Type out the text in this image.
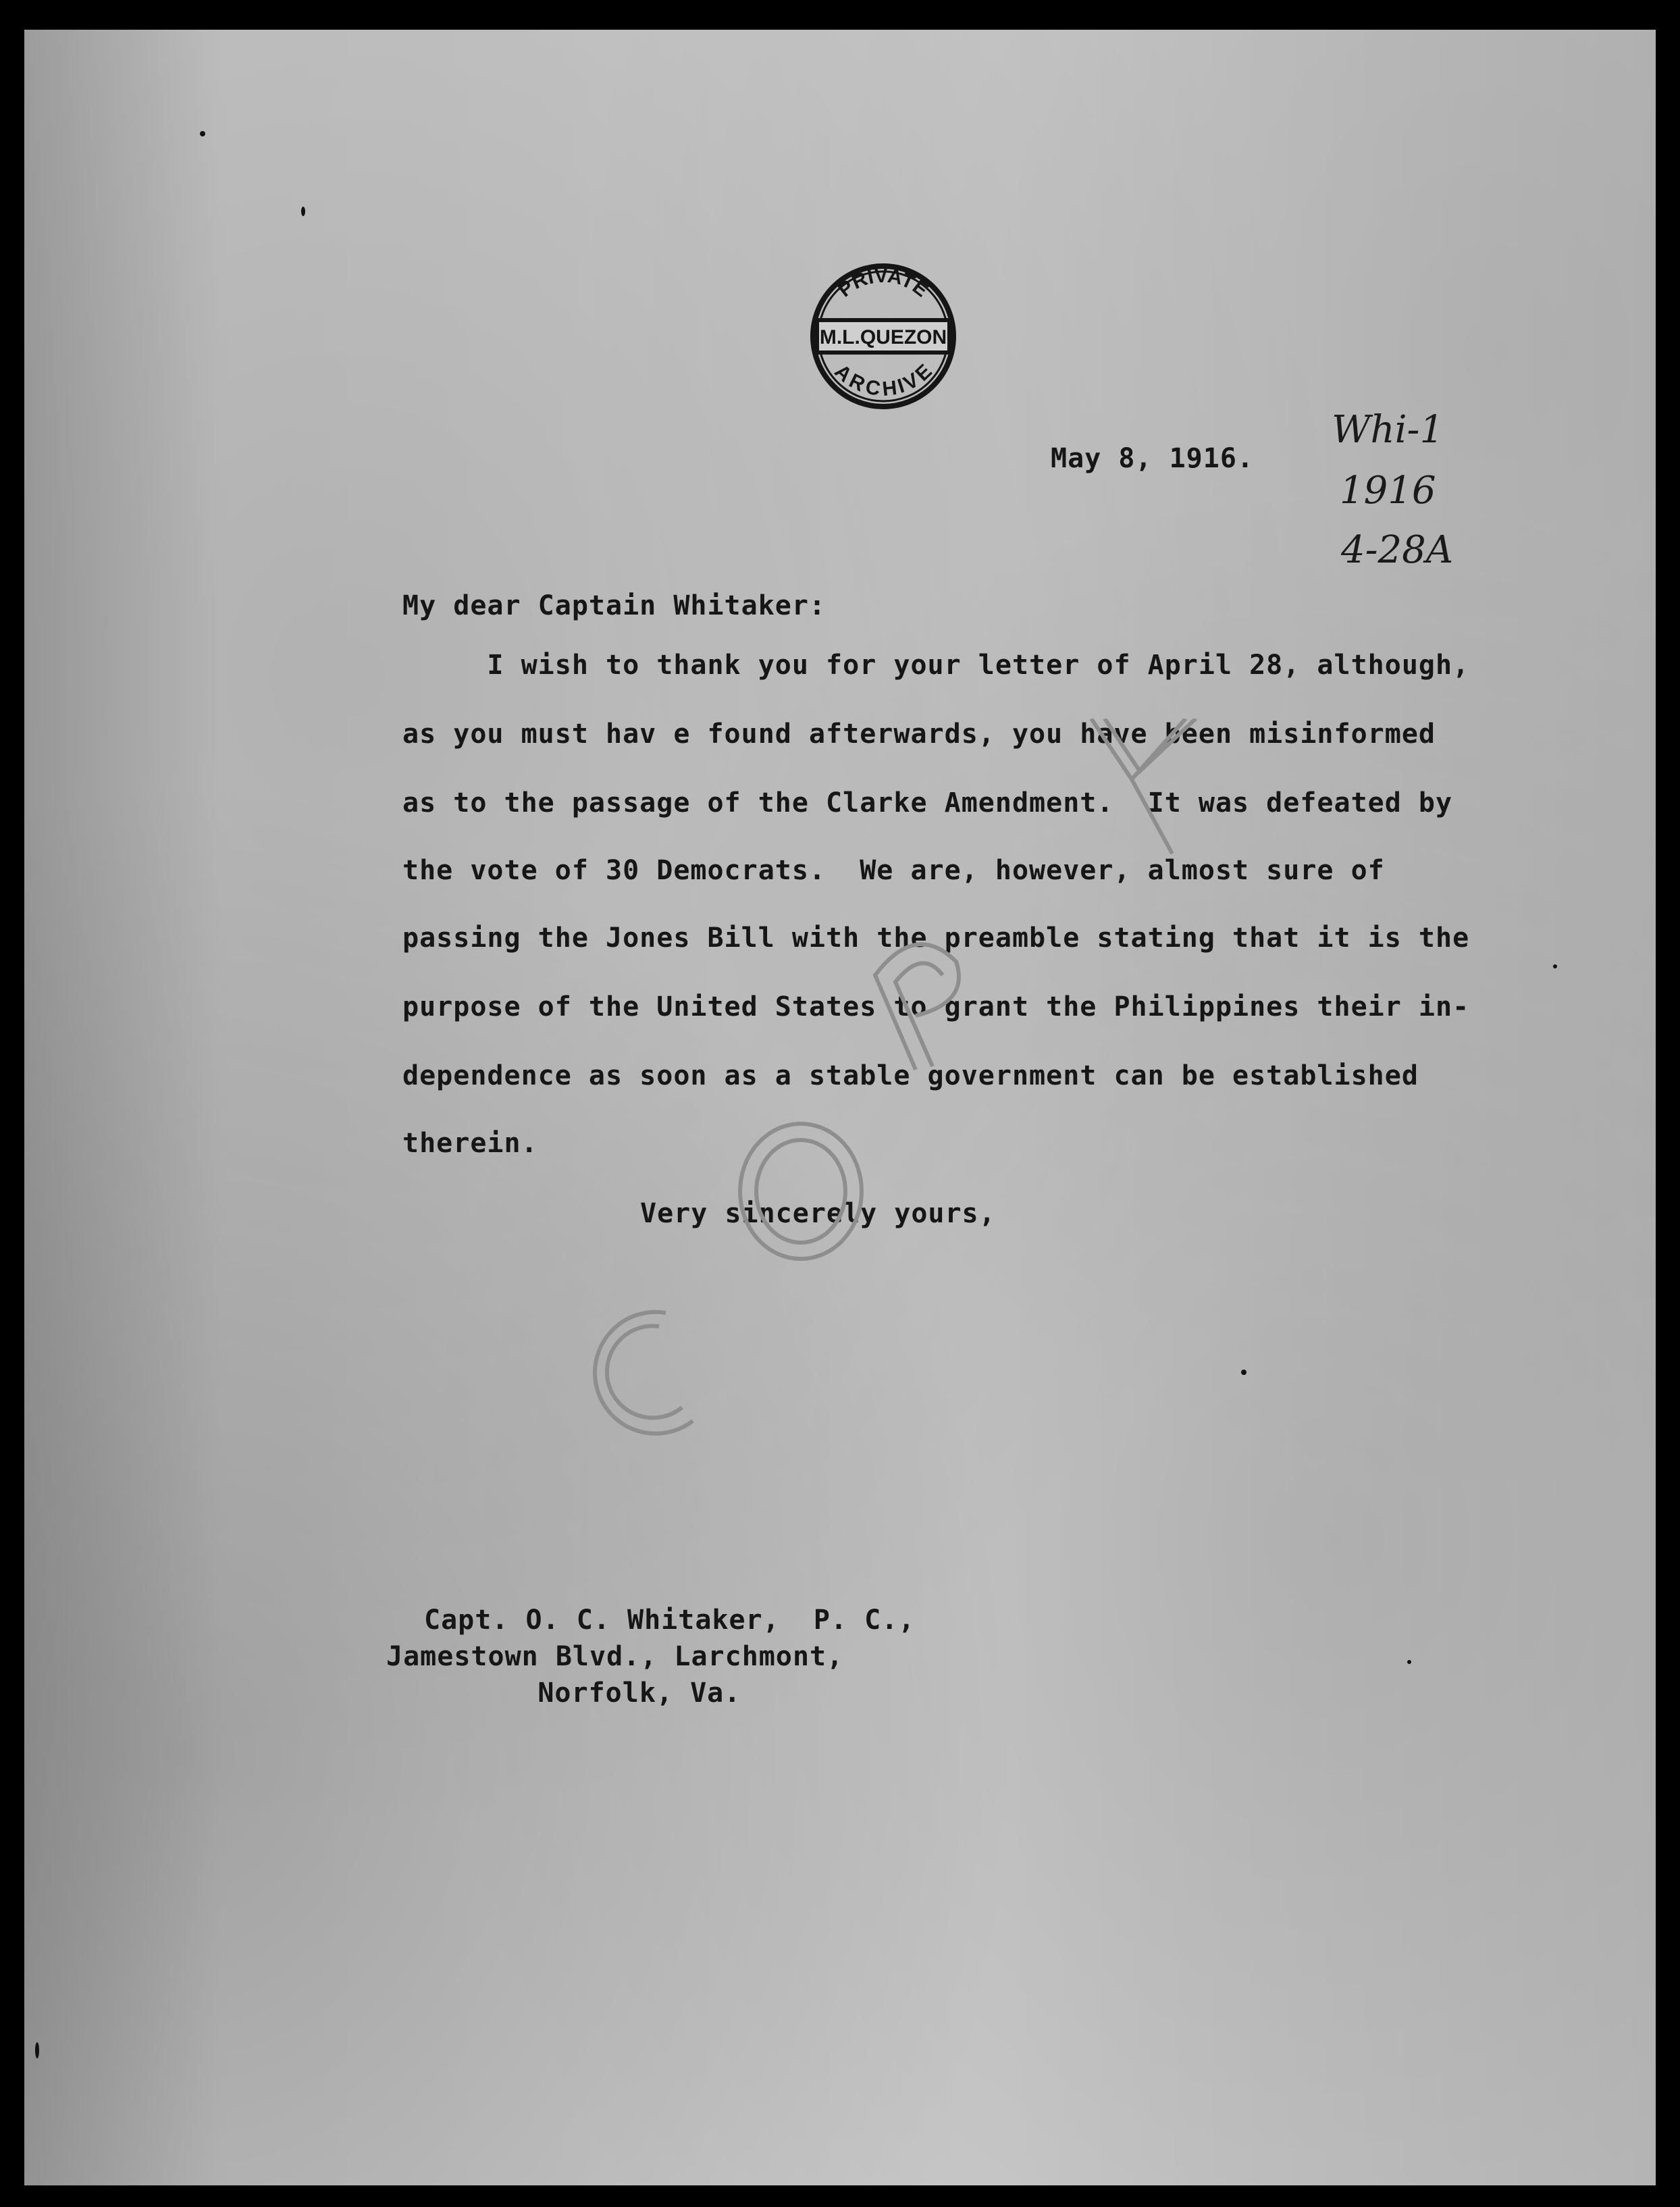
PRIVATE
M.L.QUEZON
ARCHIVE
May 8, 1916.
Whi-1
1916
4-28A
My dear Captain Whitaker:
I wish to thank you for your letter of April 28, although,
as you must hav e found afterwards, you have been misinformed
as to the passage of the Clarke Amendment.  It was defeated by
the vote of 30 Democrats.  We are, however, almost sure of
passing the Jones Bill with the preamble stating that it is the
purpose of the United States to grant the Philippines their in-
dependence as soon as a stable government can be established
therein.
Very sincerely yours,
Capt. O. C. Whitaker,  P. C.,
Jamestown Blvd., Larchmont,
Norfolk, Va.
